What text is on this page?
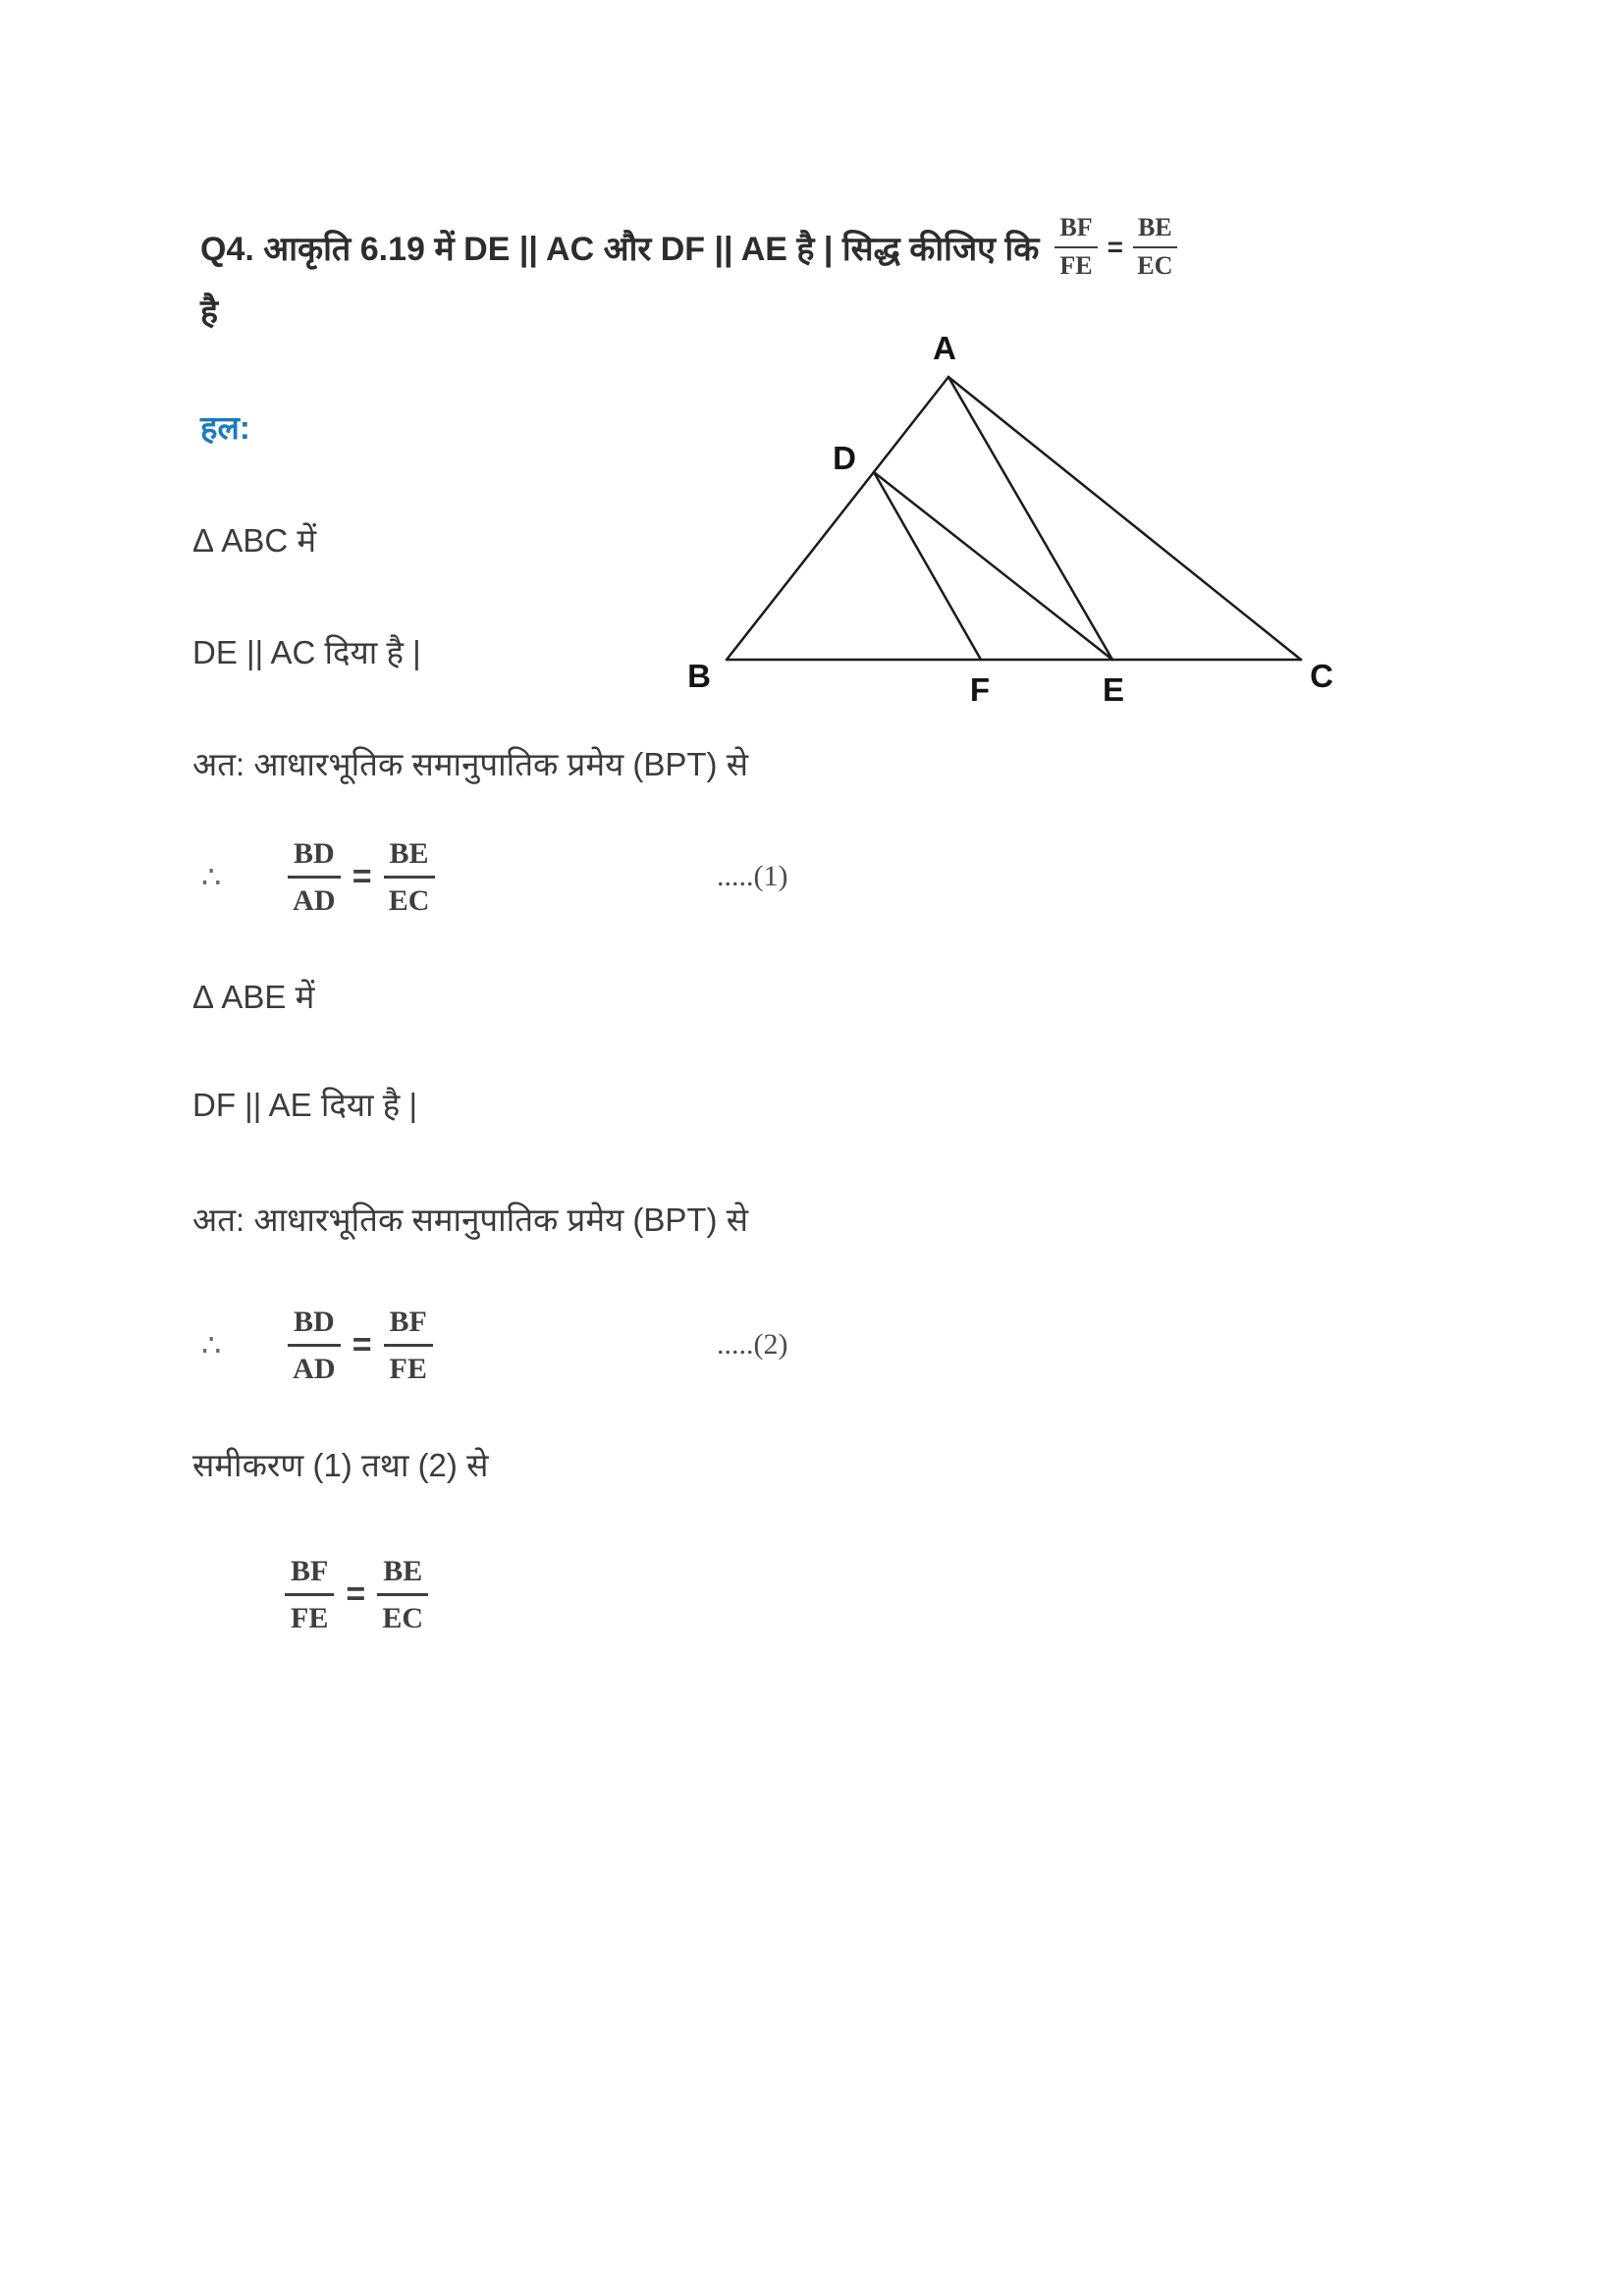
Q4. आकृति 6.19 में DE || AC और DF || AE है | सिद्ध कीजिए कि $\frac{BF}{FE} = \frac{BE}{EC}$
है
A
B	C
D
E
F
हल:
Δ ABC में
DE || AC दिया है |
अत: आधारभूतिक समानुपातिक प्रमेय (BPT) से
∴	$\frac{BD}{AD} = \frac{BE}{EC}$	.....(1)
Δ ABE में
DF || AE दिया है |
अत: आधारभूतिक समानुपातिक प्रमेय (BPT) से
∴	$\frac{BD}{AD} = \frac{BF}{FE}$	.....(2)
समीकरण (1) तथा (2) से
$\frac{BF}{FE} = \frac{BE}{EC}$
